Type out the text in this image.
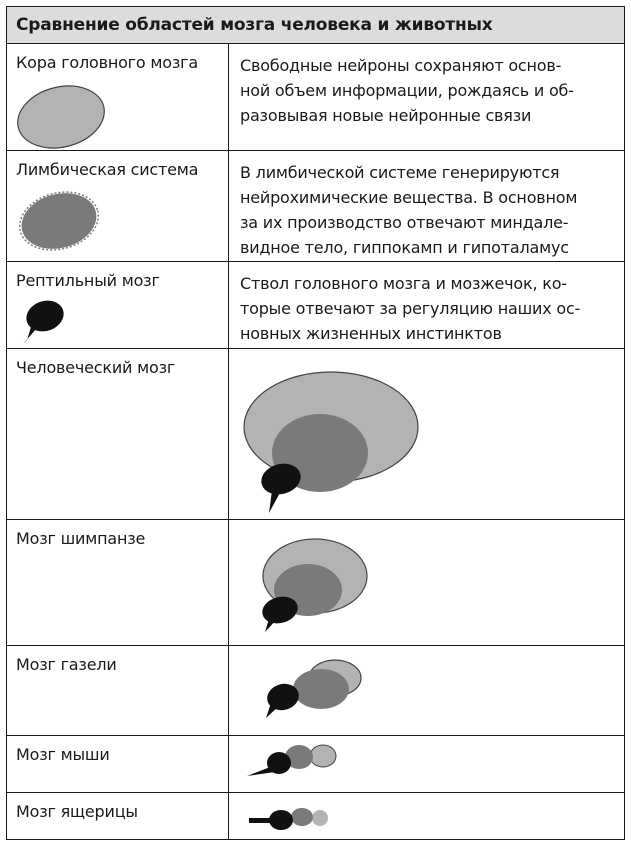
Сравнение областей мозга человека и животных
Кора головного мозга	Свободные нейроны сохраняют основ-
ной объем информации, рождаясь и об-
разовывая новые нейронные связи
Лимбическая система	В лимбической системе генерируются
нейрохимические вещества. В основном
за их производство отвечают миндале-
видное тело, гиппокамп и гипоталамус
Рептильный мозг	Ствол головного мозга и мозжечок, ко-
торые отвечают за регуляцию наших ос-
новных жизненных инстинктов
Человеческий мозг
Мозг шимпанзе
Мозг газели
Мозг мыши
Мозг ящерицы
